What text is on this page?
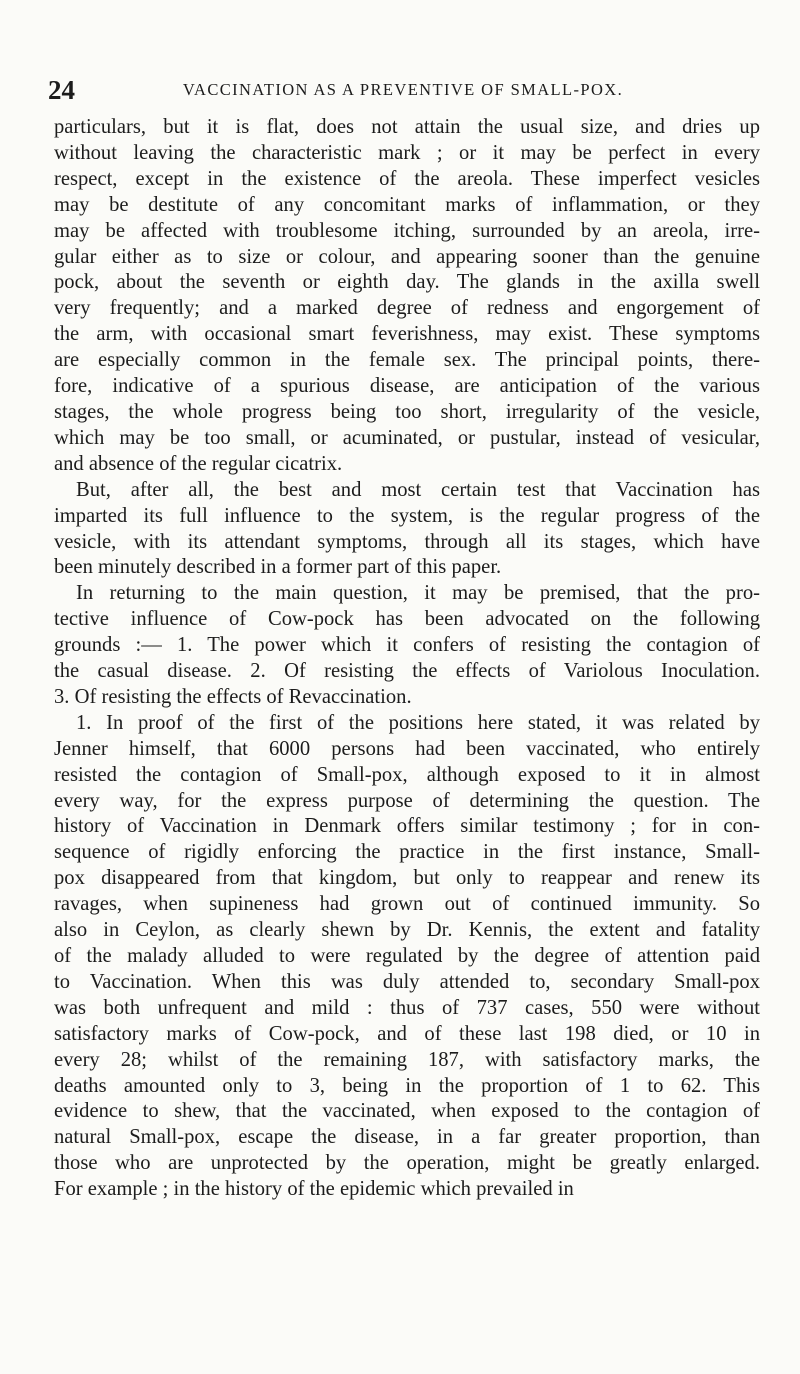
24	VACCINATION AS A PREVENTIVE OF SMALL-POX.
particulars, but it is flat, does not attain the usual size, and dries up
without leaving the characteristic mark ; or it may be perfect in every
respect, except in the existence of the areola. These imperfect vesicles
may be destitute of any concomitant marks of inflammation, or they
may be affected with troublesome itching, surrounded by an areola, irre-
gular either as to size or colour, and appearing sooner than the genuine
pock, about the seventh or eighth day. The glands in the axilla swell
very frequently; and a marked degree of redness and engorgement of
the arm, with occasional smart feverishness, may exist. These symptoms
are especially common in the female sex. The principal points, there-
fore, indicative of a spurious disease, are anticipation of the various
stages, the whole progress being too short, irregularity of the vesicle,
which may be too small, or acuminated, or pustular, instead of vesicular,
and absence of the regular cicatrix.
But, after all, the best and most certain test that Vaccination has
imparted its full influence to the system, is the regular progress of the
vesicle, with its attendant symptoms, through all its stages, which have
been minutely described in a former part of this paper.
In returning to the main question, it may be premised, that the pro-
tective influence of Cow-pock has been advocated on the following
grounds :— 1. The power which it confers of resisting the contagion of
the casual disease. 2. Of resisting the effects of Variolous Inoculation.
3. Of resisting the effects of Revaccination.
1. In proof of the first of the positions here stated, it was related by
Jenner himself, that 6000 persons had been vaccinated, who entirely
resisted the contagion of Small-pox, although exposed to it in almost
every way, for the express purpose of determining the question. The
history of Vaccination in Denmark offers similar testimony ; for in con-
sequence of rigidly enforcing the practice in the first instance, Small-
pox disappeared from that kingdom, but only to reappear and renew its
ravages, when supineness had grown out of continued immunity. So
also in Ceylon, as clearly shewn by Dr. Kennis, the extent and fatality
of the malady alluded to were regulated by the degree of attention paid
to Vaccination. When this was duly attended to, secondary Small-pox
was both unfrequent and mild : thus of 737 cases, 550 were without
satisfactory marks of Cow-pock, and of these last 198 died, or 10 in
every 28; whilst of the remaining 187, with satisfactory marks, the
deaths amounted only to 3, being in the proportion of 1 to 62. This
evidence to shew, that the vaccinated, when exposed to the contagion of
natural Small-pox, escape the disease, in a far greater proportion, than
those who are unprotected by the operation, might be greatly enlarged.
For example ; in the history of the epidemic which prevailed in
